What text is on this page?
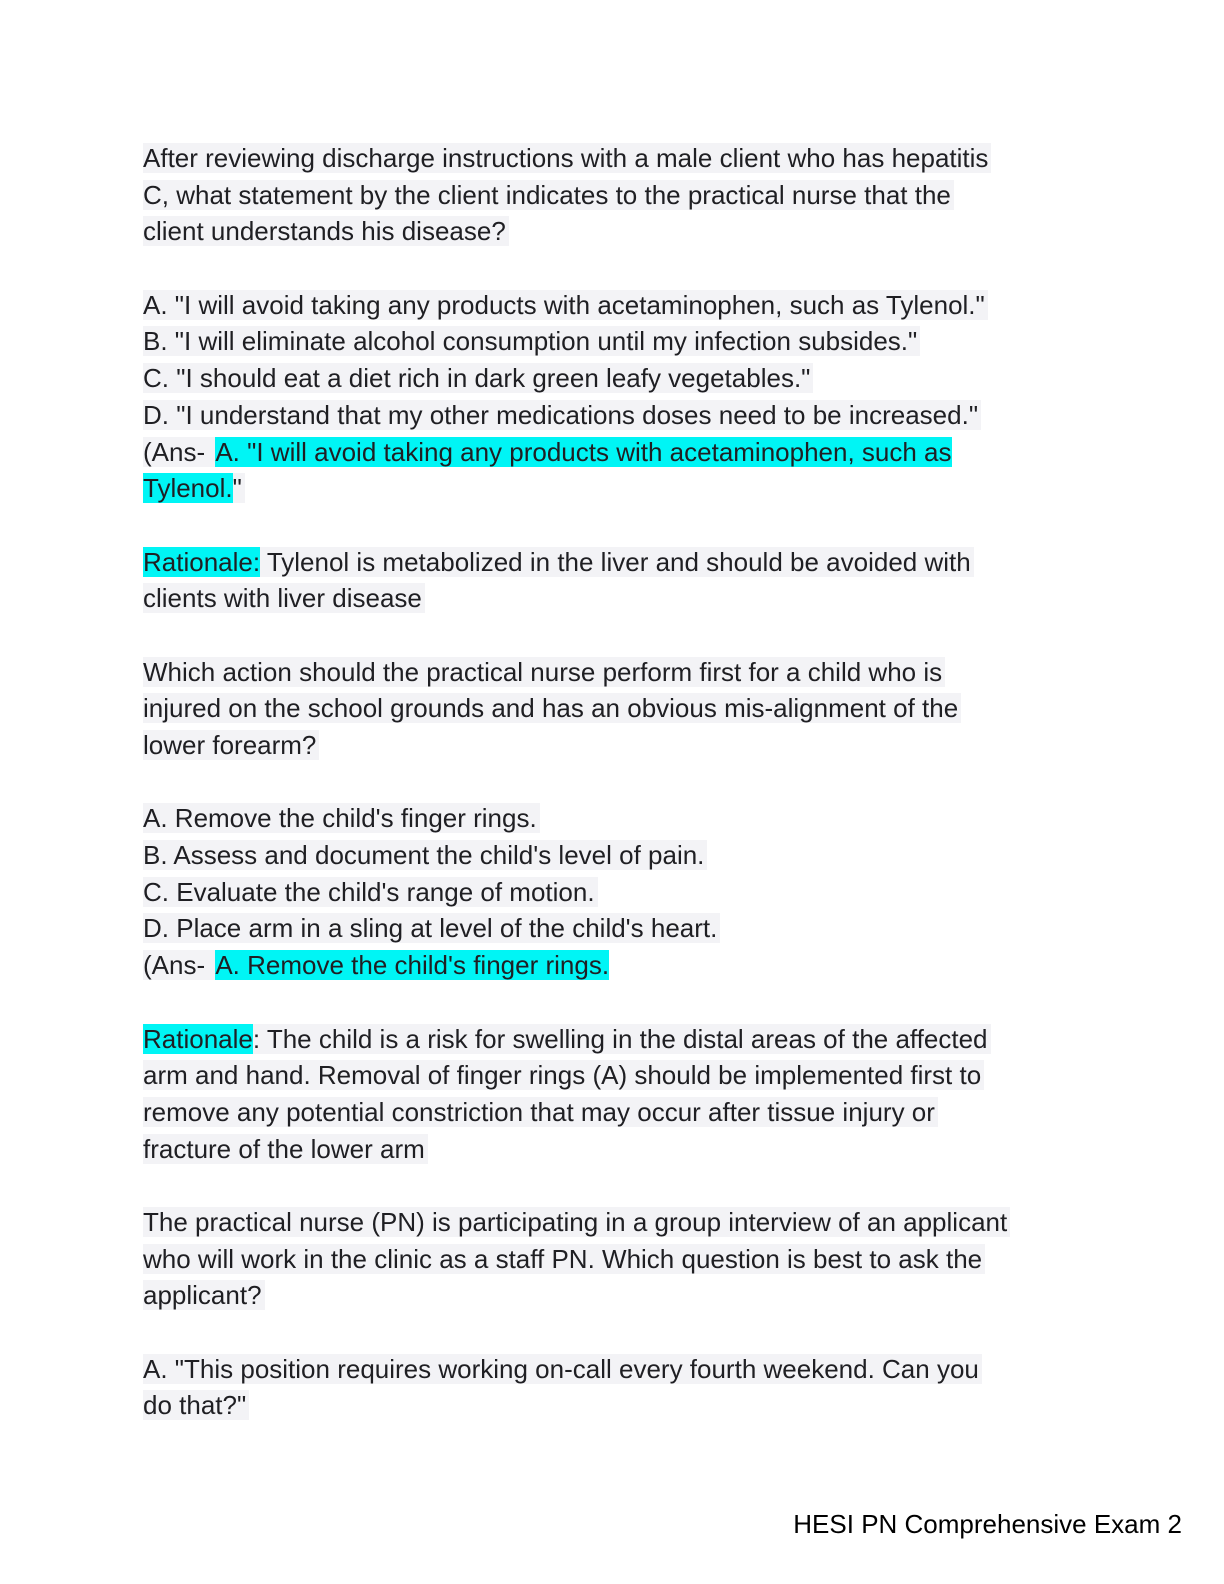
After reviewing discharge instructions with a male client who has hepatitis
C, what statement by the client indicates to the practical nurse that the
client understands his disease?
A. "I will avoid taking any products with acetaminophen, such as Tylenol."
B. "I will eliminate alcohol consumption until my infection subsides."
C. "I should eat a diet rich in dark green leafy vegetables."
D. "I understand that my other medications doses need to be increased."
(Ans- A. "I will avoid taking any products with acetaminophen, such as
Tylenol."
Rationale: Tylenol is metabolized in the liver and should be avoided with
clients with liver disease
Which action should the practical nurse perform first for a child who is
injured on the school grounds and has an obvious mis-alignment of the
lower forearm?
A. Remove the child's finger rings.
B. Assess and document the child's level of pain.
C. Evaluate the child's range of motion.
D. Place arm in a sling at level of the child's heart.
(Ans- A. Remove the child's finger rings.
Rationale: The child is a risk for swelling in the distal areas of the affected
arm and hand. Removal of finger rings (A) should be implemented first to
remove any potential constriction that may occur after tissue injury or
fracture of the lower arm
The practical nurse (PN) is participating in a group interview of an applicant
who will work in the clinic as a staff PN. Which question is best to ask the
applicant?
A. "This position requires working on-call every fourth weekend. Can you
do that?"
HESI PN Comprehensive Exam 2
